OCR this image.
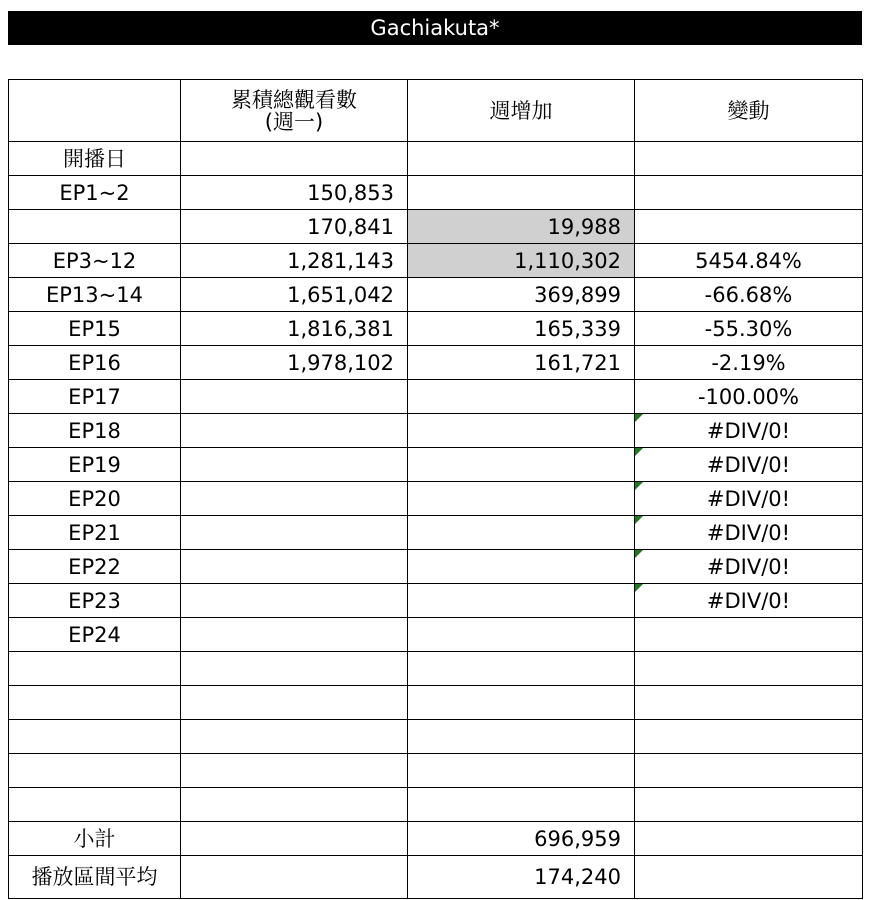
Gachiakuta*
	累積總觀看數
(週一)	週增加	變動
開播日			
EP1~2	150,853		
	170,841	19,988	
EP3~12	1,281,143	1,110,302	5454.84%
EP13~14	1,651,042	369,899	-66.68%
EP15	1,816,381	165,339	-55.30%
EP16	1,978,102	161,721	-2.19%
EP17			-100.00%
EP18			#DIV/0!

EP19			#DIV/0!

EP20			#DIV/0!

EP21			#DIV/0!

EP22			#DIV/0!

EP23			#DIV/0!

EP24			

小計		696,959	
播放區間平均		174,240	
